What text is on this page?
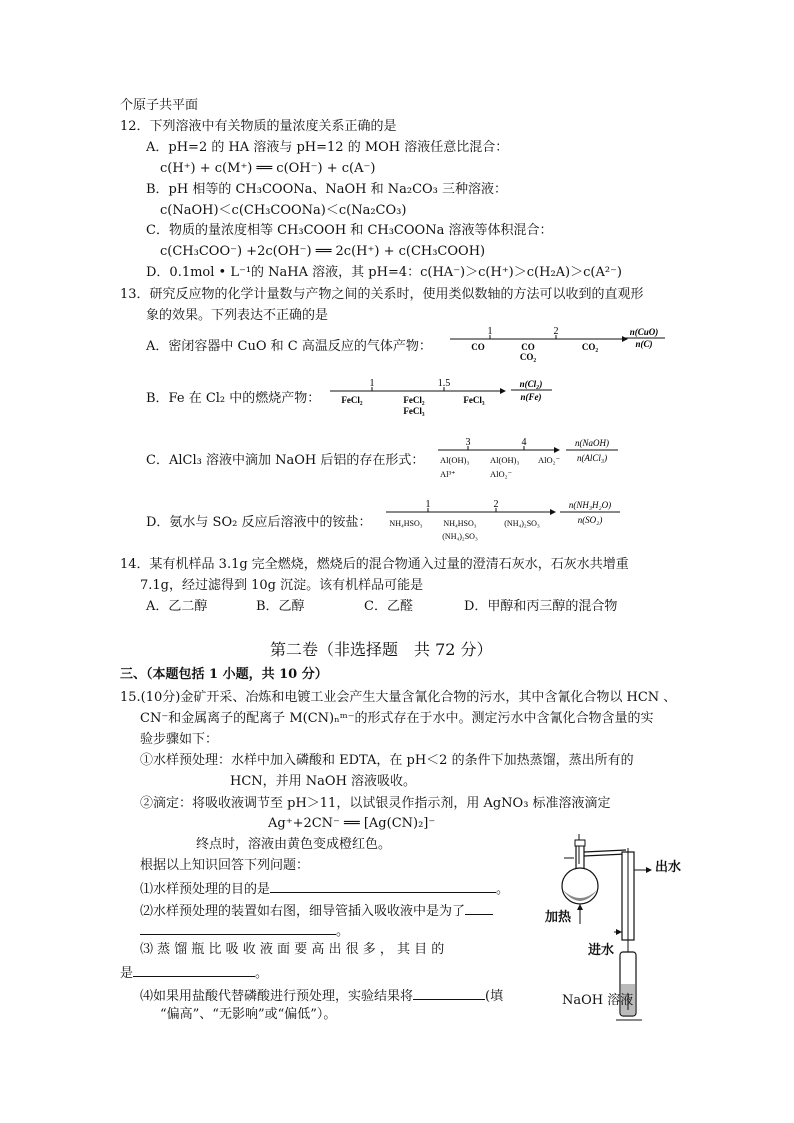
个原子共平面
12．下列溶液中有关物质的量浓度关系正确的是
A．pH=2 的 HA 溶液与 pH=12 的 MOH 溶液任意比混合：
c(H⁺) + c(M⁺) ══ c(OH⁻) + c(A⁻)
B．pH 相等的 CH₃COONa、NaOH 和 Na₂CO₃ 三种溶液：
c(NaOH)＜c(CH₃COONa)＜c(Na₂CO₃)
C．物质的量浓度相等 CH₃COOH 和 CH₃COONa 溶液等体积混合：
c(CH₃COO⁻) +2c(OH⁻) ══ 2c(H⁺) + c(CH₃COOH)
D．0.1mol • L⁻¹的 NaHA 溶液，其 pH=4：c(HA⁻)＞c(H⁺)＞c(H₂A)＞c(A²⁻)
13．研究反应物的化学计量数与产物之间的关系时，使用类似数轴的方法可以收到的直观形
象的效果。下列表达不正确的是
A．密闭容器中 CuO 和 C 高温反应的气体产物：
1	2
CO	CO
CO₂
CO₂
n(CuO)
n(C)
B．Fe 在 Cl₂ 中的燃烧产物：
1	1.5
FeCl₂	FeCl₂
FeCl₃
FeCl₃
n(Cl₂)
n(Fe)
C．AlCl₃ 溶液中滴加 NaOH 后铝的存在形式：
3	4
Al(OH)₃
Al³⁺
Al(OH)₃
AlO₂⁻
AlO₂⁻
n(NaOH)
n(AlCl₃)
D．氨水与 SO₂ 反应后溶液中的铵盐：
1	2
NH₄HSO₃	NH₄HSO₃
(NH₄)₂SO₃
(NH₄)₂SO₃
n(NH₃H₂O)
n(SO₂)
14．某有机样品 3.1g 完全燃烧，燃烧后的混合物通入过量的澄清石灰水，石灰水共增重
7.1g，经过滤得到 10g 沉淀。该有机样品可能是
A．乙二醇	B．乙醇	C．乙醛	D．甲醇和丙三醇的混合物
第二卷（非选择题　共 72 分）
三、（本题包括 1 小题，共 10 分）
15.(10分)金矿开采、冶炼和电镀工业会产生大量含氰化合物的污水，其中含氰化合物以 HCN 、
CN⁻和金属离子的配离子 M(CN)ₙᵐ⁻的形式存在于水中。测定污水中含氰化合物含量的实
验步骤如下：
①水样预处理：水样中加入磷酸和 EDTA，在 pH＜2 的条件下加热蒸馏，蒸出所有的
HCN，并用 NaOH 溶液吸收。
②滴定：将吸收液调节至 pH＞11，以试银灵作指示剂，用 AgNO₃ 标准溶液滴定
Ag⁺+2CN⁻ ══ [Ag(CN)₂]⁻
终点时，溶液由黄色变成橙红色。
根据以上知识回答下列问题：
⑴水样预处理的目的是	。
⑵水样预处理的装置如右图，细导管插入吸收液中是为了
。
⑶ 蒸 馏 瓶 比 吸 收 液 面 要 高 出 很 多 ， 其 目 的
是	。
⑷如果用盐酸代替磷酸进行预处理，实验结果将	(填
“偏高”、“无影响”或“偏低”）。
出水
加热
进水
NaOH 溶液
